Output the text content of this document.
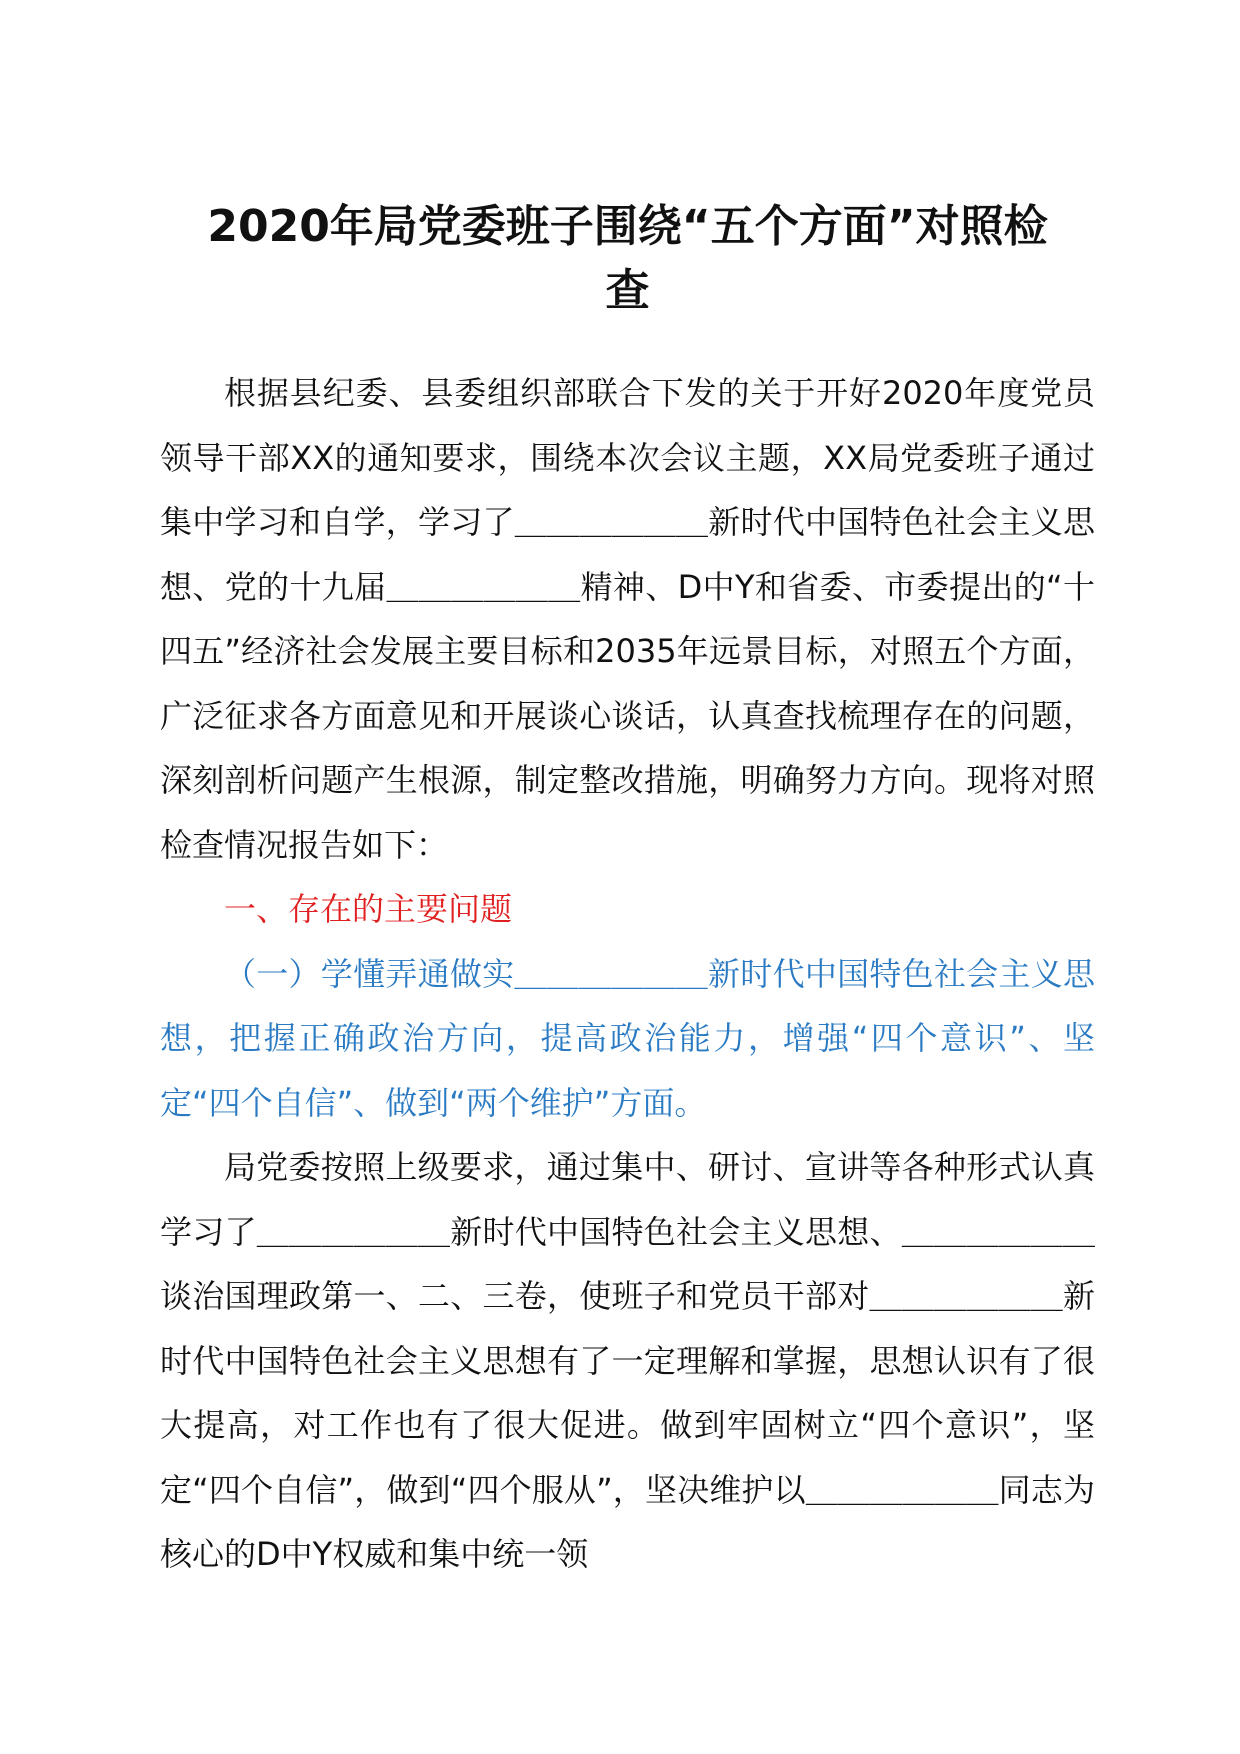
2020年局党委班子围绕“五个方面”对照检
查

根据县纪委、县委组织部联合下发的关于开好2020年度党员领导干部XX的通知要求，围绕本次会议主题，XX局党委班子通过集中学习和自学，学习了＿＿＿＿＿＿新时代中国特色社会主义思想、党的十九届＿＿＿＿＿＿精神、D中Y和省委、市委提出的“十四五”经济社会发展主要目标和2035年远景目标，对照五个方面，广泛征求各方面意见和开展谈心谈话，认真查找梳理存在的问题，深刻剖析问题产生根源，制定整改措施，明确努力方向。现将对照检查情况报告如下：

一、存在的主要问题

（一）学懂弄通做实＿＿＿＿＿＿新时代中国特色社会主义思想，把握正确政治方向，提高政治能力，增强“四个意识”、坚定“四个自信”、做到“两个维护”方面。

局党委按照上级要求，通过集中、研讨、宣讲等各种形式认真学习了＿＿＿＿＿＿新时代中国特色社会主义思想、＿＿＿＿＿＿谈治国理政第一、二、三卷，使班子和党员干部对＿＿＿＿＿＿新时代中国特色社会主义思想有了一定理解和掌握，思想认识有了很大提高，对工作也有了很大促进。做到牢固树立“四个意识”，坚定“四个自信”，做到“四个服从”，坚决维护以＿＿＿＿＿＿同志为核心的D中Y权威和集中统一领
